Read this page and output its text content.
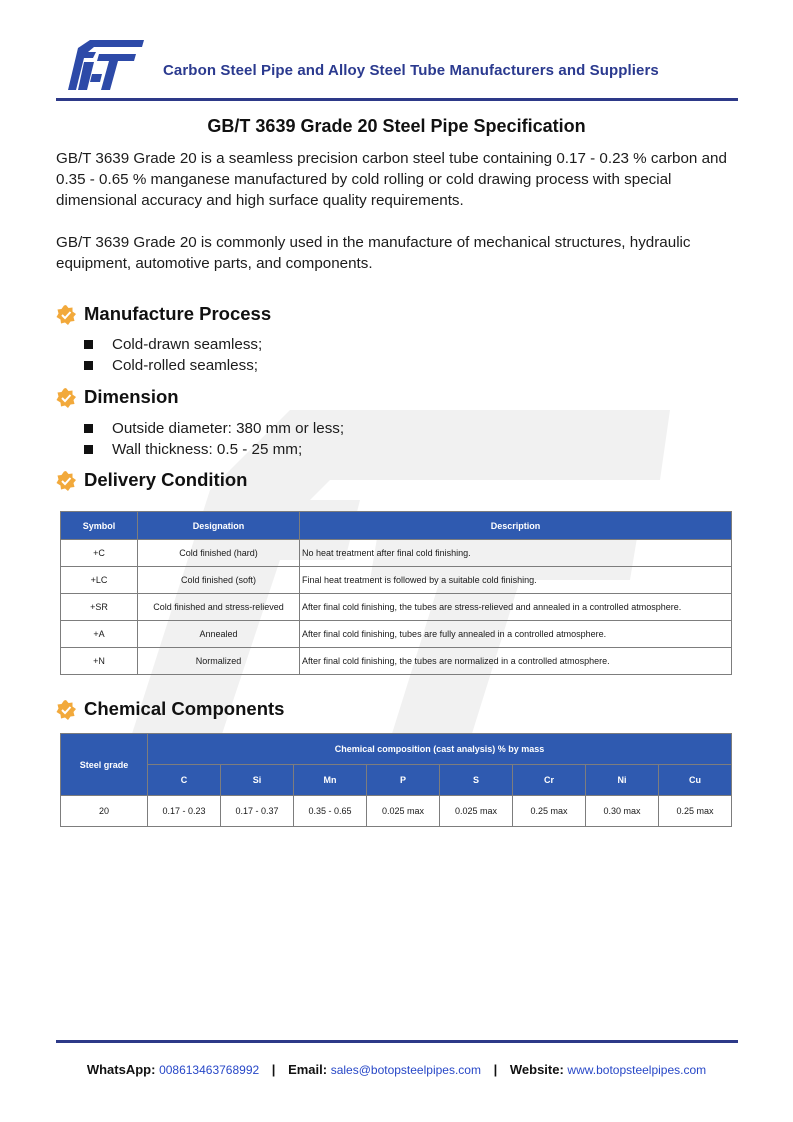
Carbon Steel Pipe and Alloy Steel Tube Manufacturers and Suppliers
GB/T 3639 Grade 20 Steel Pipe Specification
GB/T 3639 Grade 20 is a seamless precision carbon steel tube containing 0.17 - 0.23 % carbon and 0.35 - 0.65 % manganese manufactured by cold rolling or cold drawing process with special dimensional accuracy and high surface quality requirements.
GB/T 3639 Grade 20 is commonly used in the manufacture of mechanical structures, hydraulic equipment, automotive parts, and components.
Manufacture Process
Cold-drawn seamless;
Cold-rolled seamless;
Dimension
Outside diameter: 380 mm or less;
Wall thickness: 0.5 - 25 mm;
Delivery Condition
Symbol	Designation	Description
+C	Cold finished (hard)	No heat treatment after final cold finishing.
+LC	Cold finished (soft)	Final heat treatment is followed by a suitable cold finishing.
+SR	Cold finished and stress-relieved	After final cold finishing, the tubes are stress-relieved and annealed in a controlled atmosphere.
+A	Annealed	After final cold finishing, tubes are fully annealed in a controlled atmosphere.
+N	Normalized	After final cold finishing, the tubes are normalized in a controlled atmosphere.
Chemical Components
Steel grade	Chemical composition (cast analysis) % by mass							
	C	Si	Mn	P	S	Cr	Ni	Cu
20	0.17 - 0.23	0.17 - 0.37	0.35 - 0.65	0.025 max	0.025 max	0.25 max	0.30 max	0.25 max
WhatsApp: 008613463768992 | Email: sales@botopsteelpipes.com | Website: www.botopsteelpipes.com
